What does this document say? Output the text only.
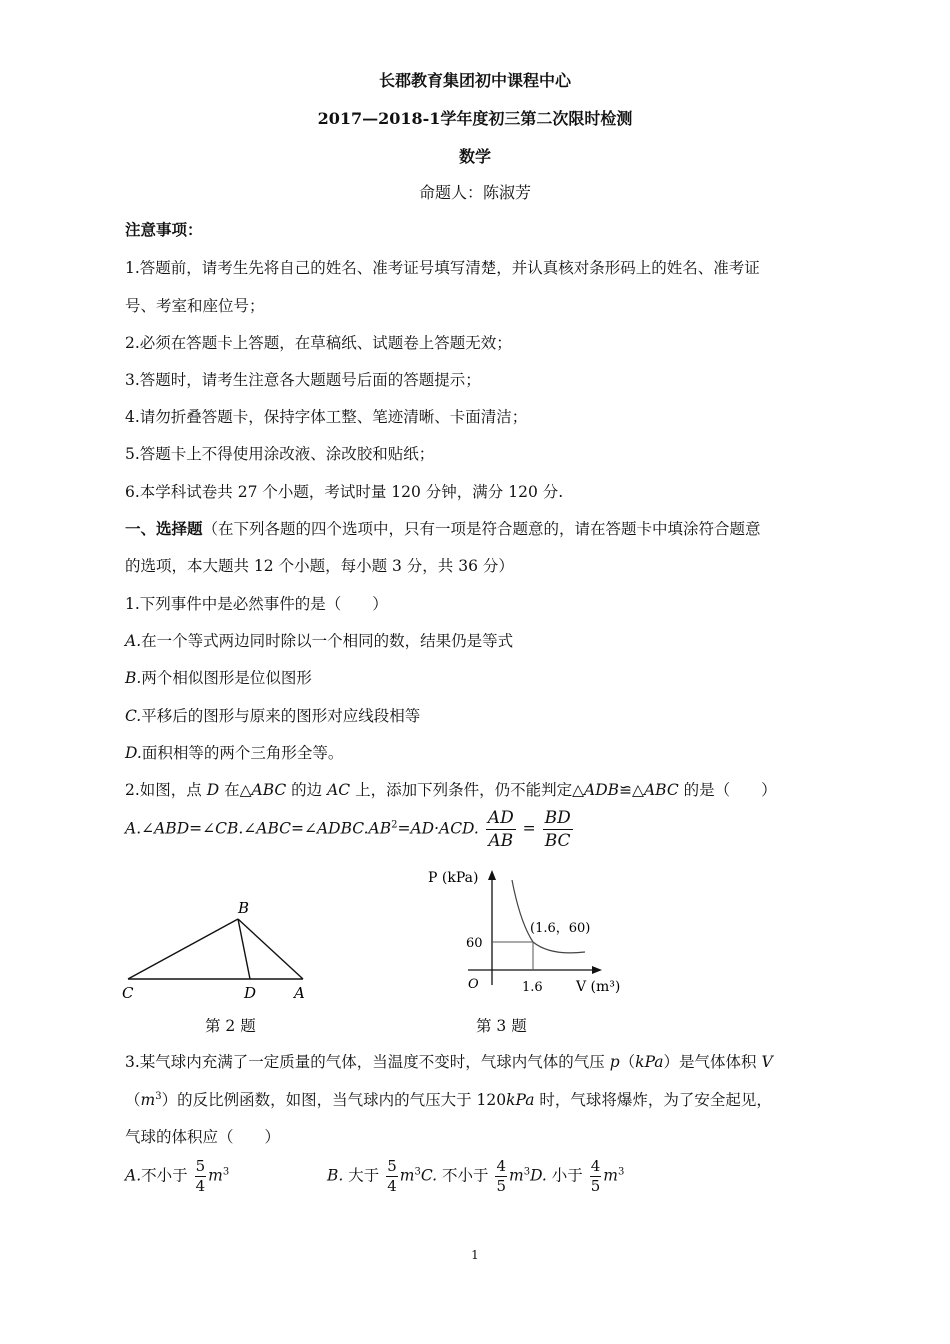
长郡教育集团初中课程中心
2017—2018-1学年度初三第二次限时检测
数学
命题人：陈淑芳
注意事项：
1.答题前，请考生先将自己的姓名、准考证号填写清楚，并认真核对条形码上的姓名、准考证
号、考室和座位号；
2.必须在答题卡上答题，在草稿纸、试题卷上答题无效；
3.答题时，请考生注意各大题题号后面的答题提示；
4.请勿折叠答题卡，保持字体工整、笔迹清晰、卡面清洁；
5.答题卡上不得使用涂改液、涂改胶和贴纸；
6.本学科试卷共 27 个小题，考试时量 120 分钟，满分 120 分.
一、选择题（在下列各题的四个选项中，只有一项是符合题意的，请在答题卡中填涂符合题意
的选项，本大题共 12 个小题，每小题 3 分，共 36 分）
1.下列事件中是必然事件的是（　　）
A.在一个等式两边同时除以一个相同的数，结果仍是等式
B.两个相似图形是位似图形
C.平移后的图形与原来的图形对应线段相等
D.面积相等的两个三角形全等。
2.如图，点 D 在△ABC 的边 AC 上，添加下列条件，仍不能判定△ADB≌△ABC 的是（　　）
$A.\angle ABD=\angle CB.\angle ABC=\angle ADBC.AB^2=AD\cdot ACD$. $\frac{AD}{AB} = \frac{BD}{BC}$
B
C	D	A
第 2 题
P (kPa)
60
(1.6，60)
O	1.6 V (m³)
第 3 题
3.某气球内充满了一定质量的气体，当温度不变时，气球内气体的气压 p（kPa）是气体体积 V
$(m^3)$的反比例函数，如图，当气球内的气压大于 120kPa 时，气球将爆炸，为了安全起见，
气球的体积应（　　）
A.不小于 $\frac{5}{4} m^3$	B. 大于 $\frac{5}{4} m^3C$. 不小于 $\frac{4}{5} m^3D$. 小于 $\frac{4}{5} m^3$
1
